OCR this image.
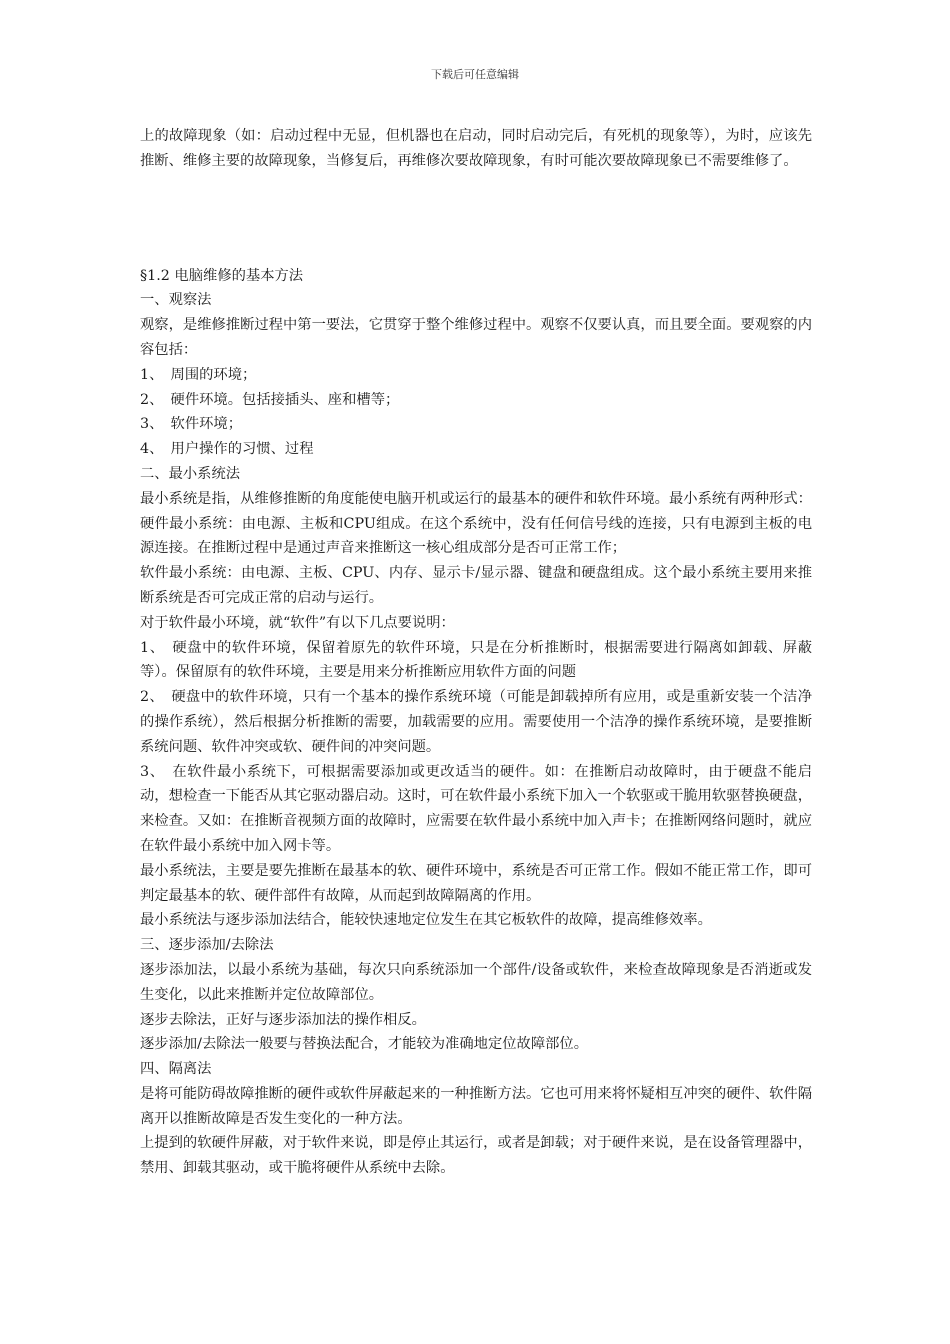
下载后可任意编辑

上的故障现象（如：启动过程中无显，但机器也在启动，同时启动完后，有死机的现象等），为时，应该先推断、维修主要的故障现象，当修复后，再维修次要故障现象，有时可能次要故障现象已不需要维修了。

§1.2 电脑维修的基本方法

一、观察法

观察，是维修推断过程中第一要法，它贯穿于整个维修过程中。观察不仅要认真，而且要全面。要观察的内容包括：

1、　周围的环境；

2、　硬件环境。包括接插头、座和槽等；

3、　软件环境；

4、　用户操作的习惯、过程

二、最小系统法

最小系统是指，从维修推断的角度能使电脑开机或运行的最基本的硬件和软件环境。最小系统有两种形式：

硬件最小系统：由电源、主板和CPU组成。在这个系统中，没有任何信号线的连接，只有电源到主板的电源连接。在推断过程中是通过声音来推断这一核心组成部分是否可正常工作；

软件最小系统：由电源、主板、CPU、内存、显示卡/显示器、键盘和硬盘组成。这个最小系统主要用来推断系统是否可完成正常的启动与运行。

对于软件最小环境，就“软件”有以下几点要说明：

1、　硬盘中的软件环境，保留着原先的软件环境，只是在分析推断时，根据需要进行隔离如卸载、屏蔽等）。保留原有的软件环境，主要是用来分析推断应用软件方面的问题

2、　硬盘中的软件环境，只有一个基本的操作系统环境（可能是卸载掉所有应用，或是重新安装一个洁净的操作系统），然后根据分析推断的需要，加载需要的应用。需要使用一个洁净的操作系统环境，是要推断系统问题、软件冲突或软、硬件间的冲突问题。

3、　在软件最小系统下，可根据需要添加或更改适当的硬件。如：在推断启动故障时，由于硬盘不能启动，想检查一下能否从其它驱动器启动。这时，可在软件最小系统下加入一个软驱或干脆用软驱替换硬盘，来检查。又如：在推断音视频方面的故障时，应需要在软件最小系统中加入声卡；在推断网络问题时，就应在软件最小系统中加入网卡等。

最小系统法，主要是要先推断在最基本的软、硬件环境中，系统是否可正常工作。假如不能正常工作，即可判定最基本的软、硬件部件有故障，从而起到故障隔离的作用。

最小系统法与逐步添加法结合，能较快速地定位发生在其它板软件的故障，提高维修效率。

三、逐步添加/去除法

逐步添加法，以最小系统为基础，每次只向系统添加一个部件/设备或软件，来检查故障现象是否消逝或发生变化，以此来推断并定位故障部位。

逐步去除法，正好与逐步添加法的操作相反。

逐步添加/去除法一般要与替换法配合，才能较为准确地定位故障部位。

四、隔离法

是将可能防碍故障推断的硬件或软件屏蔽起来的一种推断方法。它也可用来将怀疑相互冲突的硬件、软件隔离开以推断故障是否发生变化的一种方法。

上提到的软硬件屏蔽，对于软件来说，即是停止其运行，或者是卸载；对于硬件来说，是在设备管理器中，禁用、卸载其驱动，或干脆将硬件从系统中去除。
